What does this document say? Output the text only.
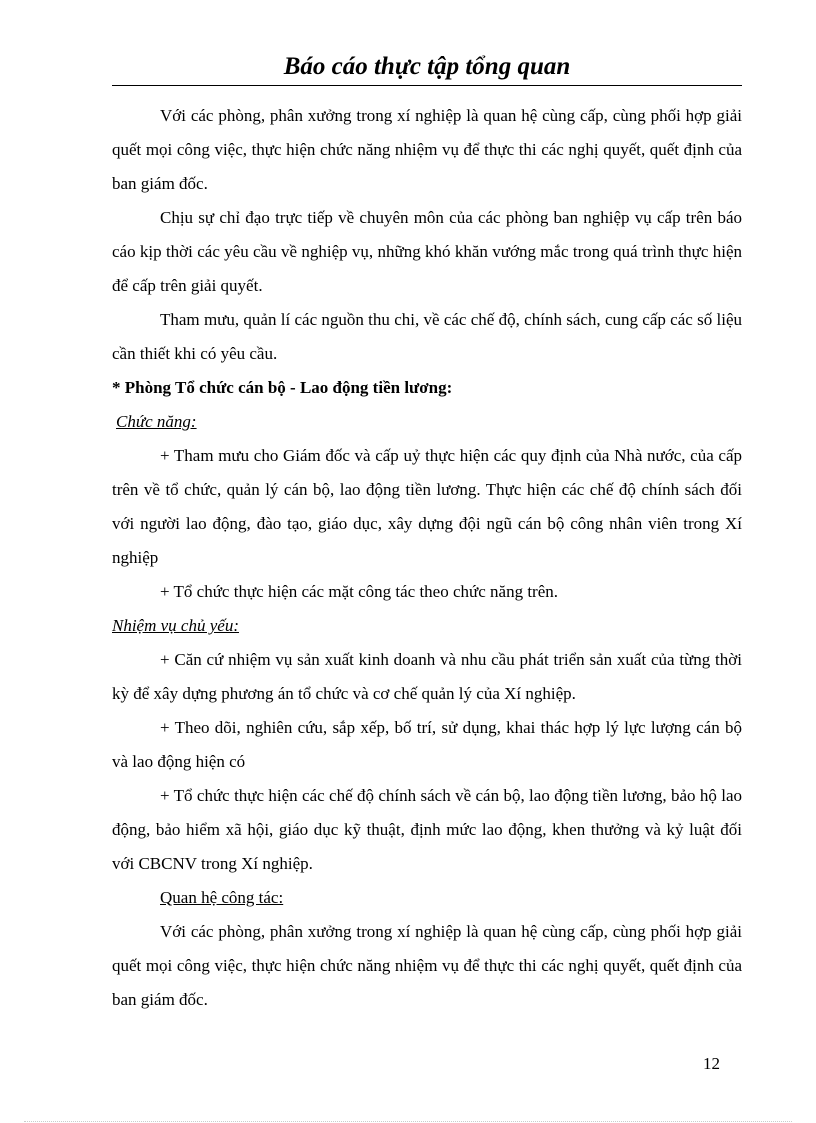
Báo cáo thực tập tổng quan

Với các phòng, phân xưởng trong xí nghiệp là quan hệ cùng cấp, cùng phối hợp giải quết mọi công việc, thực hiện chức năng nhiệm vụ để thực thi các nghị quyết, quết định của ban giám đốc.

Chịu sự chỉ đạo trực tiếp về chuyên môn của các phòng ban nghiệp vụ cấp trên báo cáo kịp thời các yêu cầu về nghiệp vụ, những khó khăn vướng mắc trong quá trình thực hiện để cấp trên giải quyết.

Tham mưu, quản lí các nguồn thu chi, về các chế độ, chính sách, cung cấp các số liệu cần thiết khi có yêu cầu.

* Phòng Tổ chức cán bộ - Lao động tiền lương:

Chức năng:

+ Tham mưu cho Giám đốc và cấp uỷ thực hiện các quy định của Nhà nước, của cấp trên về tổ chức, quản lý cán bộ, lao động tiền lương. Thực hiện các chế độ chính sách đối với người lao động, đào tạo, giáo dục, xây dựng đội ngũ cán bộ công nhân viên trong Xí nghiệp

+ Tổ chức thực hiện các mặt công tác theo chức năng trên.

Nhiệm vụ chủ yếu:

+ Căn cứ nhiệm vụ sản xuất kinh doanh và nhu cầu phát triển sản xuất của từng thời kỳ để xây dựng phương án tổ chức và cơ chế quản lý của Xí nghiệp.

+ Theo dõi, nghiên cứu, sắp xếp, bố trí, sử dụng, khai thác hợp lý lực lượng cán bộ và lao động hiện có

+ Tổ chức thực hiện các chế độ chính sách về cán bộ, lao động tiền lương, bảo hộ lao động, bảo hiểm xã hội, giáo dục kỹ thuật, định mức lao động, khen thưởng và kỷ luật đối với CBCNV trong Xí nghiệp.

Quan hệ công tác:

Với các phòng, phân xưởng trong xí nghiệp là quan hệ cùng cấp, cùng phối hợp giải quết mọi công việc, thực hiện chức năng nhiệm vụ để thực thi các nghị quyết, quết định của ban giám đốc.

12
